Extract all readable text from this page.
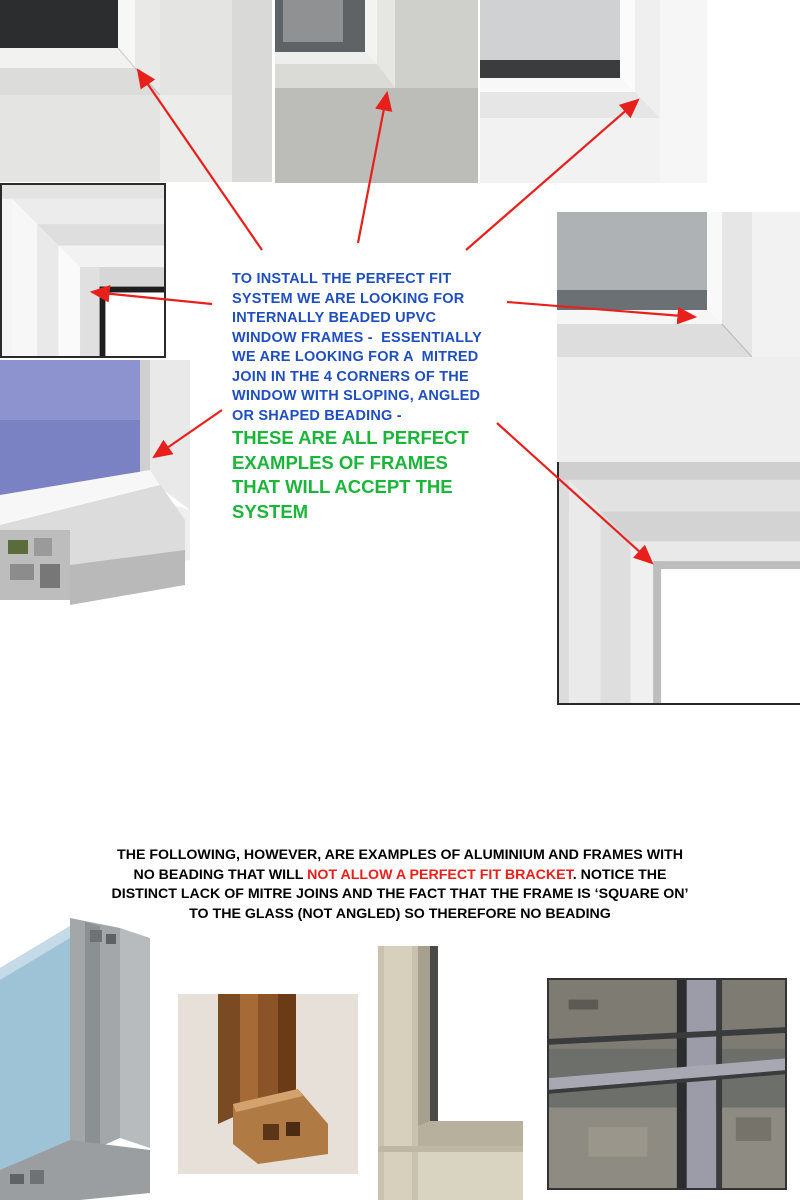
TO INSTALL THE PERFECT FIT
SYSTEM WE ARE LOOKING FOR
INTERNALLY BEADED UPVC
WINDOW FRAMES -  ESSENTIALLY
WE ARE LOOKING FOR A  MITRED
JOIN IN THE 4 CORNERS OF THE
WINDOW WITH SLOPING, ANGLED
OR SHAPED BEADING -
THESE ARE ALL PERFECT
EXAMPLES OF FRAMES
THAT WILL ACCEPT THE
SYSTEM
THE FOLLOWING, HOWEVER, ARE EXAMPLES OF ALUMINIUM AND FRAMES WITH
NO BEADING THAT WILL NOT ALLOW A PERFECT FIT BRACKET. NOTICE THE
DISTINCT LACK OF MITRE JOINS AND THE FACT THAT THE FRAME IS ‘SQUARE ON’
TO THE GLASS (NOT ANGLED) SO THEREFORE NO BEADING
